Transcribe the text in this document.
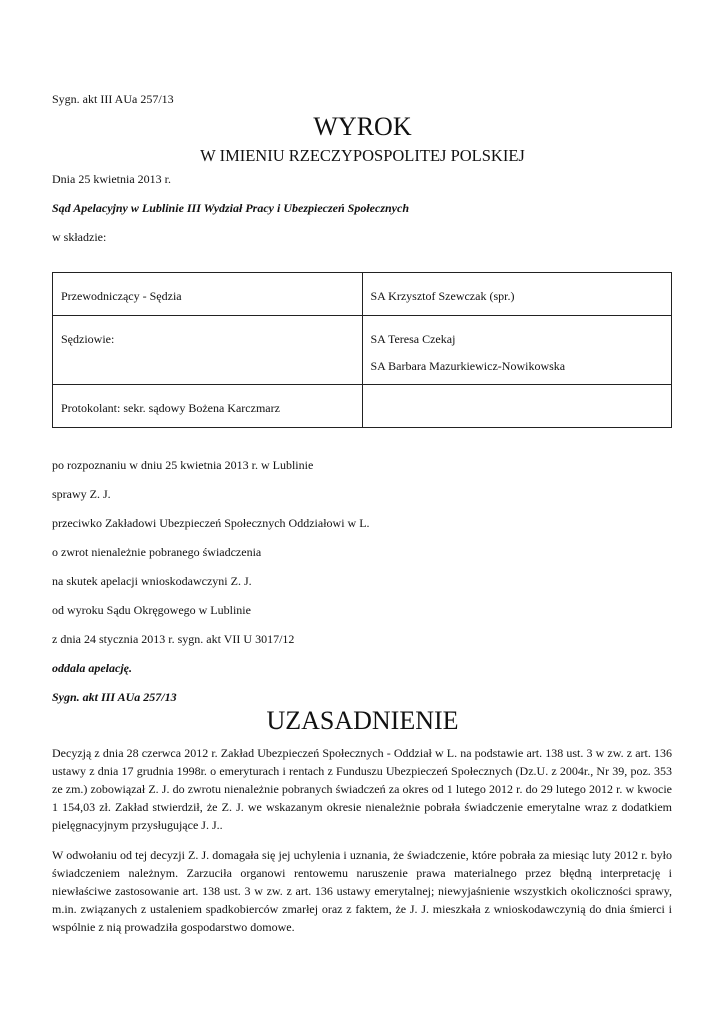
Sygn. akt III AUa 257/13
WYROK
W IMIENIU RZECZYPOSPOLITEJ POLSKIEJ
Dnia 25 kwietnia 2013 r.
Sąd Apelacyjny w Lublinie III Wydział Pracy i Ubezpieczeń Społecznych
w składzie:
Przewodniczący - Sędzia	SA Krzysztof Szewczak (spr.)
Sędziowie:	SA Teresa Czekaj
SA Barbara Mazurkiewicz-Nowikowska

Protokolant: sekr. sądowy Bożena Karczmarz	
po rozpoznaniu w dniu 25 kwietnia 2013 r. w Lublinie
sprawy Z. J.
przeciwko Zakładowi Ubezpieczeń Społecznych Oddziałowi w L.
o zwrot nienależnie pobranego świadczenia
na skutek apelacji wnioskodawczyni Z. J.
od wyroku Sądu Okręgowego w Lublinie
z dnia 24 stycznia 2013 r. sygn. akt VII U 3017/12
oddala apelację.
Sygn. akt III AUa 257/13
UZASADNIENIE

Decyzją z dnia 28 czerwca 2012 r. Zakład Ubezpieczeń Społecznych - Oddział w L. na podstawie art. 138 ust. 3 w zw. z art. 136 ustawy z dnia 17 grudnia 1998r. o emeryturach i rentach z Funduszu Ubezpieczeń Społecznych (Dz.U. z 2004r., Nr 39, poz. 353 ze zm.) zobowiązał Z. J. do zwrotu nienależnie pobranych świadczeń za okres od 1 lutego 2012 r. do 29 lutego 2012 r. w kwocie 1 154,03 zł. Zakład stwierdził, że Z. J. we wskazanym okresie nienależnie pobrała świadczenie emerytalne wraz z dodatkiem pielęgnacyjnym przysługujące J. J..

W odwołaniu od tej decyzji Z. J. domagała się jej uchylenia i uznania, że świadczenie, które pobrała za miesiąc luty 2012 r. było świadczeniem należnym. Zarzuciła organowi rentowemu naruszenie prawa materialnego przez błędną interpretację i niewłaściwe zastosowanie art. 138 ust. 3 w zw. z art. 136 ustawy emerytalnej; niewyjaśnienie wszystkich okoliczności sprawy, m.in. związanych z ustaleniem spadkobierców zmarłej oraz z faktem, że J. J. mieszkała z wnioskodawczynią do dnia śmierci i wspólnie z nią prowadziła gospodarstwo domowe.
